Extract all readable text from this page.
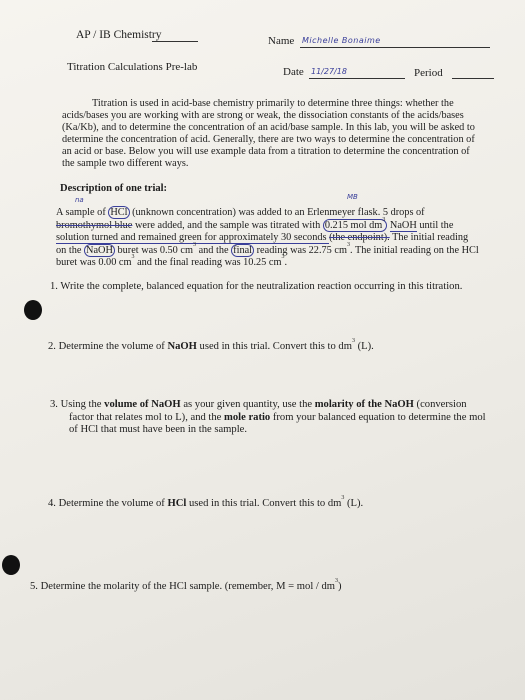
AP / IB Chemistry	Name Michelle Bonaime
Titration Calculations Pre-lab	Date 11/27/18	Period
Titration is used in acid-base chemistry primarily to determine three things: whether the
acids/bases you are working with are strong or weak, the dissociation constants of the acids/bases
(Ka/Kb), and to determine the concentration of an acid/base sample. In this lab, you will be asked to
determine the concentration of acid. Generally, there are two ways to determine the concentration of
an acid or base. Below you will use example data from a titration to determine the concentration of
the sample two different ways.
Description of one trial:
na	MB
A sample of HCl (unknown concentration) was added to an Erlenmeyer flask. 5 drops of
bromothymol blue were added, and the sample was titrated with 0.215 mol $dm^3$ NaOH until the
solution turned and remained green for approximately 30 seconds (the endpoint). The initial reading
on the NaOH buret was 0.50 $cm^3$ and the final reading was 22.75 $cm^3$. The initial reading on the HCl
buret was 0.00 $cm^3$ and the final reading was 10.25 $cm^3$.
1. Write the complete, balanced equation for the neutralization reaction occurring in this titration.
2. Determine the volume of NaOH used in this trial. Convert this to $dm^3$ (L).
3. Using the volume of NaOH as your given quantity, use the molarity of the NaOH (conversion
factor that relates mol to L), and the mole ratio from your balanced equation to determine the mol
of HCl that must have been in the sample.
4. Determine the volume of HCl used in this trial. Convert this to $dm^3$ (L).
5. Determine the molarity of the HCl sample. (remember, M = mol / $dm^3$)
